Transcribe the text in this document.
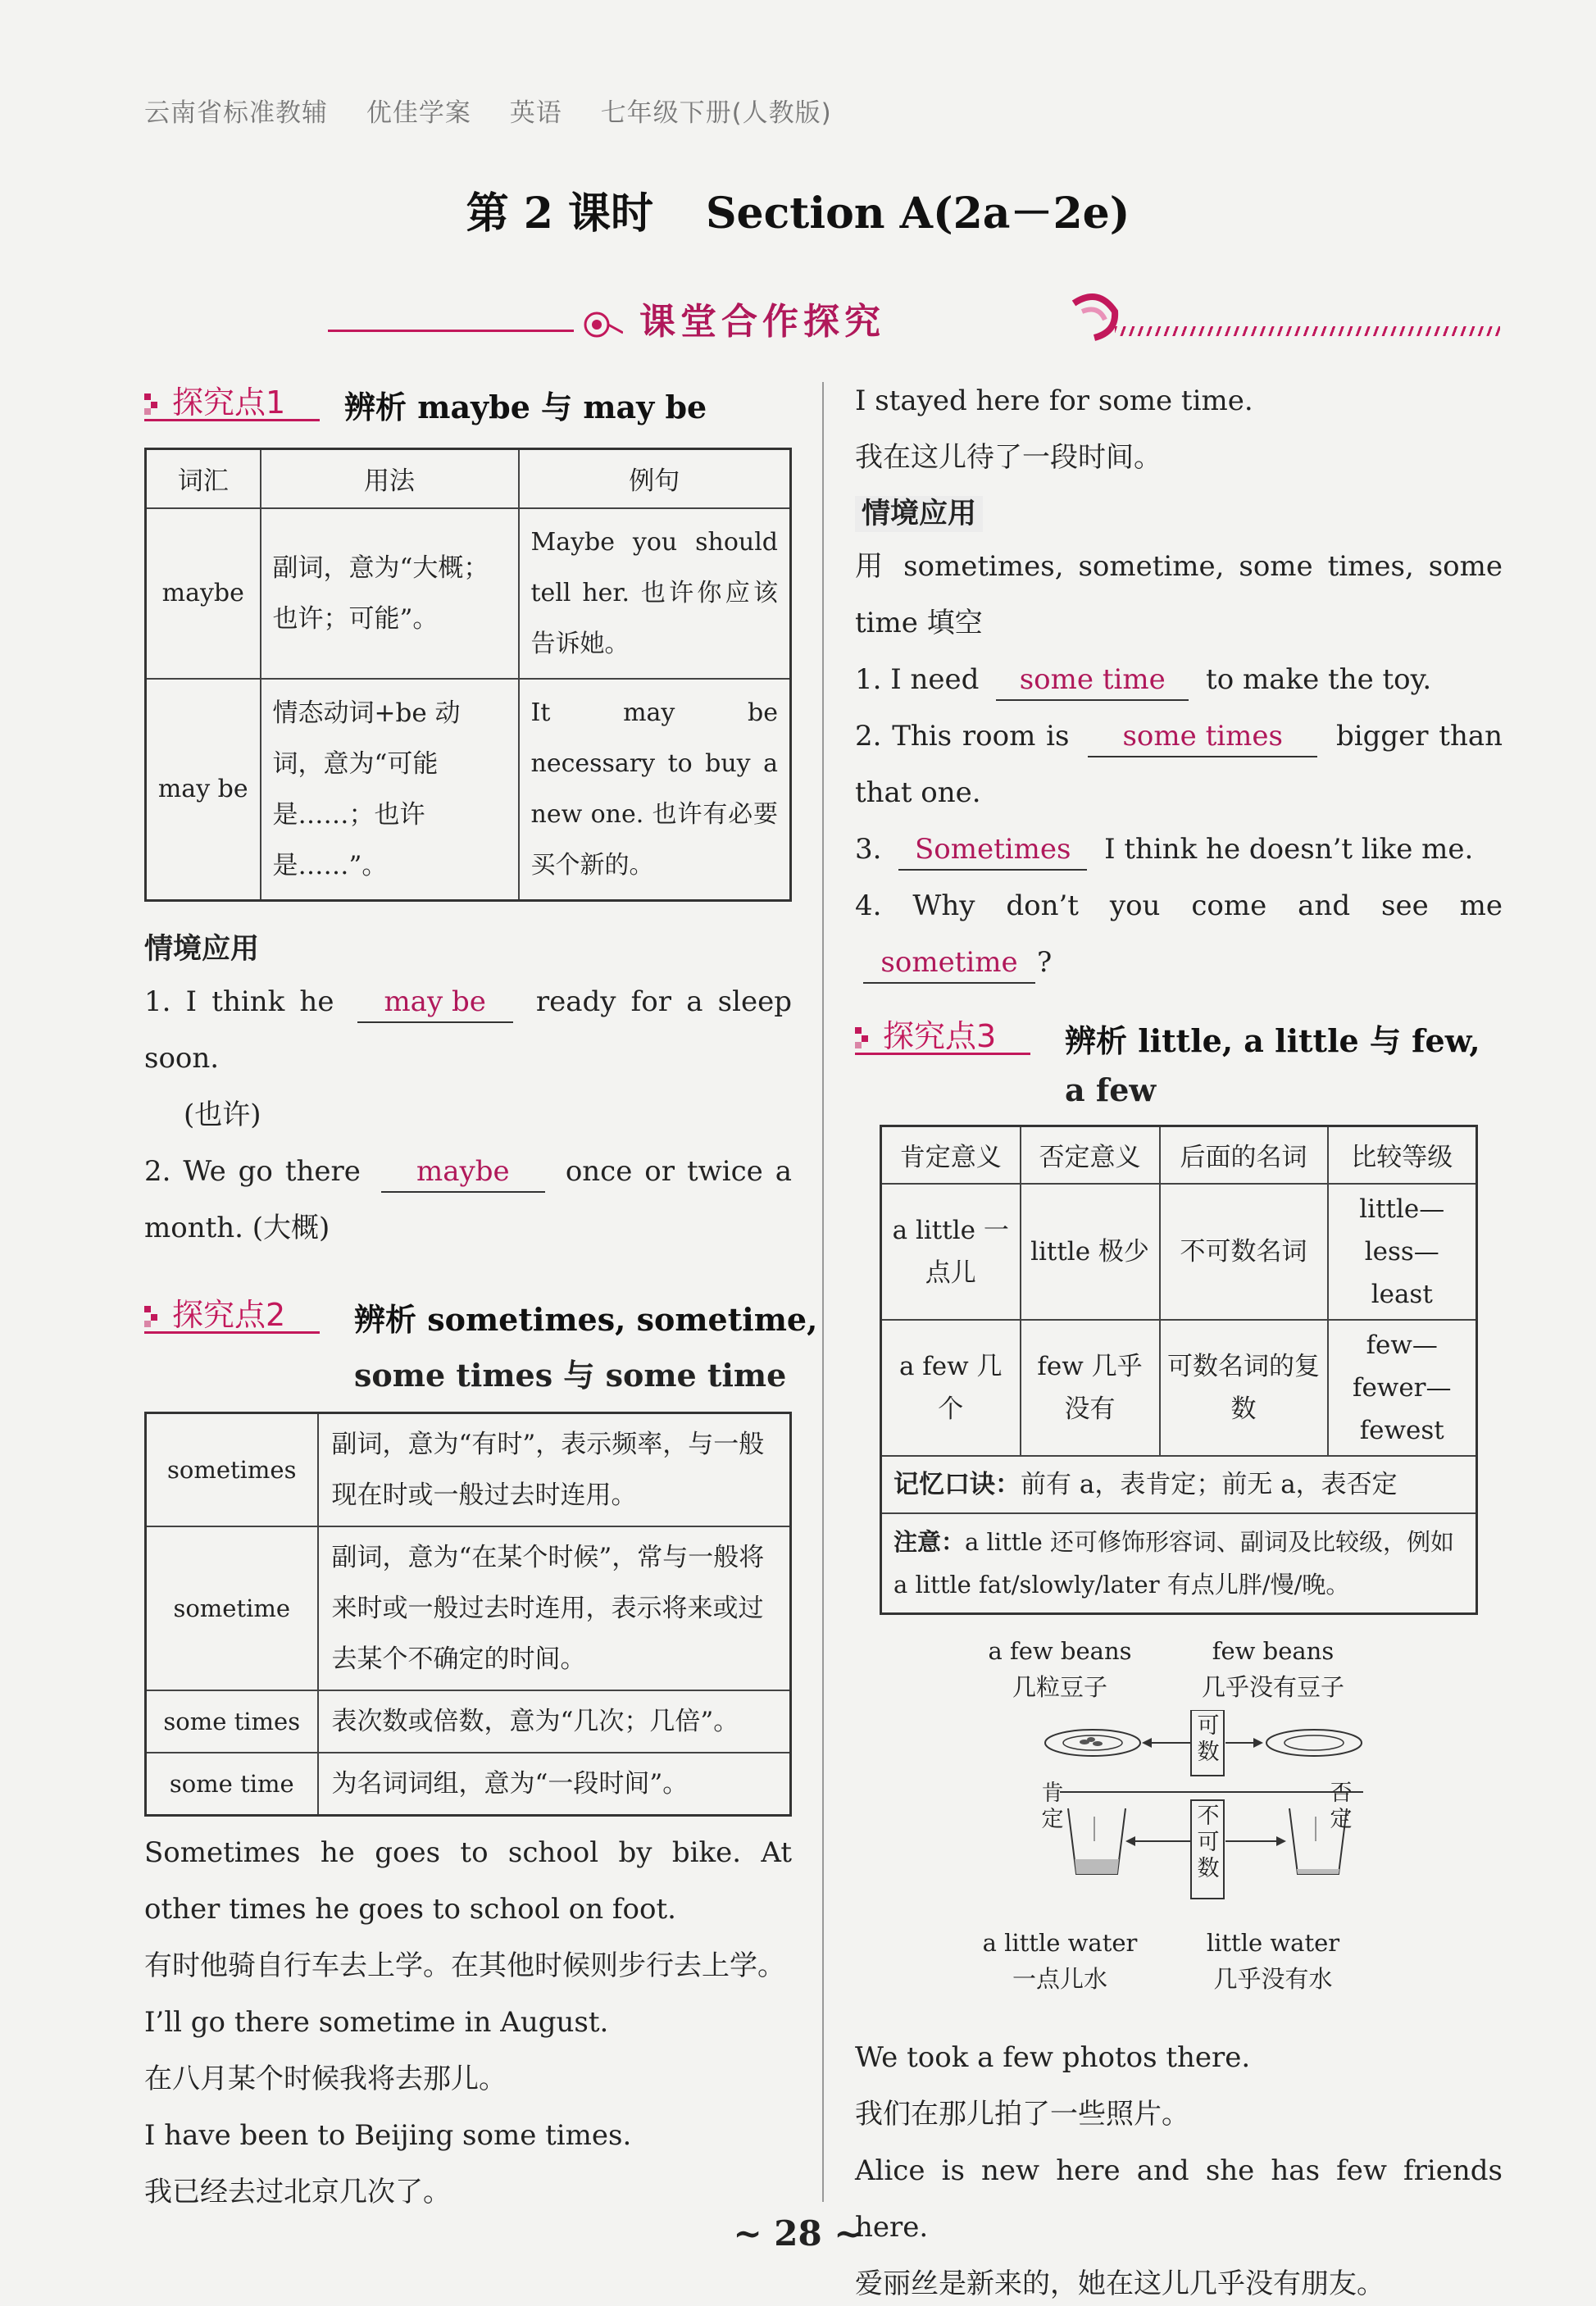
云南省标准教辅 优佳学案 英语 七年级下册(人教版)
第 2 课时 Section A(2a－2e)
课堂合作探究
探究点1 辨析 maybe 与 may be
词汇	用法	例句
maybe	副词，意为“大概；也许；可能”。	Maybe you should tell her. 也许你应该告诉她。
may be	情态动词+be 动词，意为“可能是……；也许是……”。	It may be necessary to buy a new one. 也许有必要买个新的。
情境应用

1. I think he may be ready for a sleep soon.

(也许)

2. We go there maybe once or twice a month. (大概)

探究点2 辨析 sometimes, sometime,
some times 与 some time
sometimes	副词，意为“有时”，表示频率，与一般现在时或一般过去时连用。
sometime	副词，意为“在某个时候”，常与一般将来时或一般过去时连用，表示将来或过去某个不确定的时间。
some times	表次数或倍数，意为“几次；几倍”。
some time	为名词词组，意为“一段时间”。

Sometimes he goes to school by bike. At other times he goes to school on foot.

有时他骑自行车去上学。在其他时候则步行去上学。

I’ll go there sometime in August.

在八月某个时候我将去那儿。

I have been to Beijing some times.

我已经去过北京几次了。

I stayed here for some time.

我在这儿待了一段时间。

情境应用

用 sometimes, sometime, some times, some time 填空

1. I need some time to make the toy.

2. This room is some times bigger than that one.

3. Sometimes I think he doesn’t like me.

4. Why don’t you come and see me sometime ?

探究点3 辨析 little, a little 与 few,
a few
肯定意义	否定意义	后面的名词	比较等级
a little 一点儿	little 极少	不可数名词	little—
less—
least

a few 几个	few 几乎没有	可数名词的复数	few—
fewer—
fewest

记忆口诀：前有 a，表肯定；前无 a，表否定			
注意：a little 还可修饰形容词、副词及比较级，例如 a little fat/slowly/later 有点儿胖/慢/晚。			
a few beans
几粒豆子
few beans
几乎没有豆子
可数
不可数
肯定
否定
a little water
一点儿水
little water
几乎没有水

We took a few photos there.

我们在那儿拍了一些照片。

Alice is new here and she has few friends here.

爱丽丝是新来的，她在这儿几乎没有朋友。

~ 28 ~
